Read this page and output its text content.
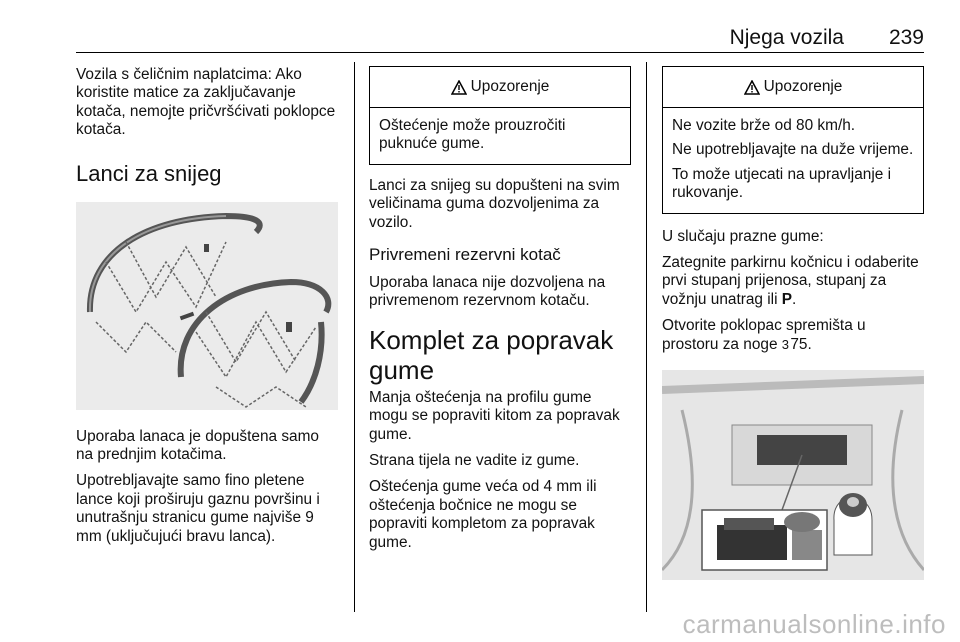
Njega vozila 239

Vozila s čeličnim naplatcima: Ako koristite matice za zaključavanje kotača, nemojte pričvršćivati poklopce kotača.

Lanci za snijeg

Uporaba lanaca je dopuštena samo na prednjim kotačima.

Upotrebljavajte samo fino pletene lance koji proširuju gaznu površinu i unutrašnju stranicu gume najviše 9 mm (uključujući bravu lanca).

Upozorenje

Oštećenje može prouzročiti puknuće gume.

Lanci za snijeg su dopušteni na svim veličinama guma dozvoljenima za vozilo.

Privremeni rezervni kotač

Uporaba lanaca nije dozvoljena na privremenom rezervnom kotaču.

Komplet za popravak gume

Manja oštećenja na profilu gume mogu se popraviti kitom za popravak gume.

Strana tijela ne vadite iz gume.

Oštećenja gume veća od 4 mm ili oštećenja bočnice ne mogu se popraviti kompletom za popravak gume.

Upozorenje

Ne vozite brže od 80 km/h.

Ne upotrebljavajte na duže vrijeme.

To može utjecati na upravljanje i rukovanje.

U slučaju prazne gume:

Zategnite parkirnu kočnicu i odaberite prvi stupanj prijenosa, stupanj za vožnju unatrag ili P.

Otvorite poklopac spremišta u prostoru za noge 3 75.

carmanualsonline.info
